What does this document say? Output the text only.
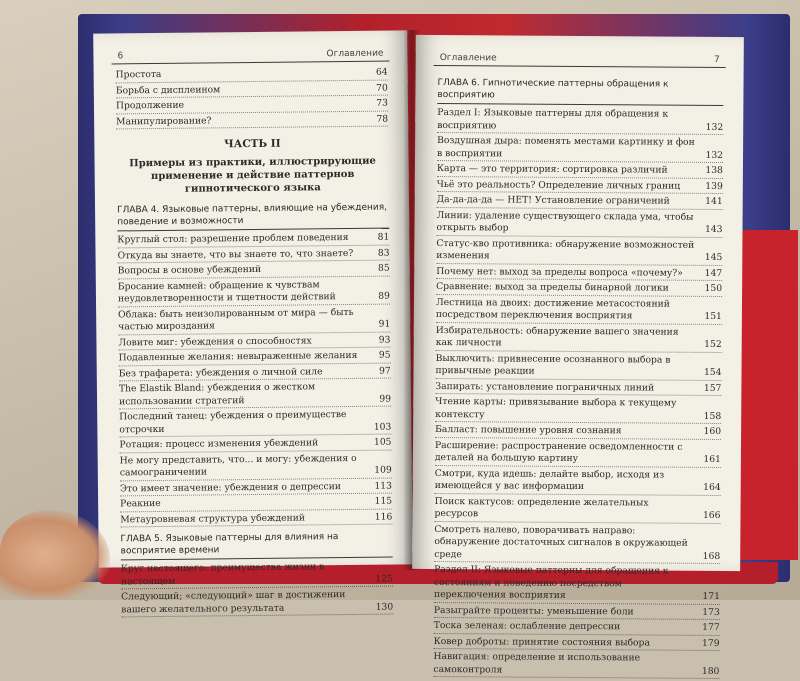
6	Оглавление
Простота	64
Борьба с дисплеином	70
Продолжение	73
Манипулирование?	78
ЧАСТЬ II
Примеры из практики, иллюстрирующие применение и действие паттернов гипнотического языка
ГЛАВА 4. Языковые паттерны, влияющие на убеждения, поведение и возможности
Круглый стол: разрешение проблем поведения	81
Откуда вы знаете, что вы знаете то, что знаете?	83
Вопросы в основе убеждений	85
Бросание камней: обращение к чувствам неудовлетворенности и тщетности действий	89
Облака: быть неизолированным от мира — быть частью мироздания	91
Ловите миг: убеждения о способностях	93
Подавленные желания: невыраженные желания	95
Без трафарета: убеждения о личной силе	97
The Elastik Bland: убеждения о жестком использовании стратегий	99
Последний танец: убеждения о преимуществе отсрочки	103
Ротация: процесс изменения убеждений	105
Не могу представить, что... и могу: убеждения о самоограничении	109
Это имеет значение: убеждения о депрессии	113
Реакние	115
Метауровневая структура убеждений	116
ГЛАВА 5. Языковые паттерны для влияния на восприятие времени
Круг настоящего: преимущества жизни в настоящем	125
Следующий; «следующий» шаг в достижении вашего желательного результата	130
Оглавление	7
ГЛАВА 6. Гипнотические паттерны обращения к восприятию
Раздел I: Языковые паттерны для обращения к восприятию	132
Воздушная дыра: поменять местами картинку и фон в восприятии	132
Карта — это территория: сортировка различий	138
Чьё это реальность? Определение личных границ	139
Да-да-да-да — НЕТ! Установление ограничений	141
Линии: удаление существующего склада ума, чтобы открыть выбор	143
Статус-кво противника: обнаружение возможностей изменения	145
Почему нет: выход за пределы вопроса «почему?»	147
Сравнение: выход за пределы бинарной логики	150
Лестница на двоих: достижение метасостояний посредством переключения восприятия	151
Избирательность: обнаружение вашего значения как личности	152
Выключить: привнесение осознанного выбора в привычные реакции	154
Запирать: установление пограничных линий	157
Чтение карты: привязывание выбора к текущему контексту	158
Балласт: повышение уровня сознания	160
Расширение: распространение осведомленности с деталей на большую картину	161
Смотри, куда идешь: делайте выбор, исходя из имеющейся у вас информации	164
Поиск кактусов: определение желательных ресурсов	166
Смотреть налево, поворачивать направо: обнаружение достаточных сигналов в окружающей среде	168
Раздел II: Языковые паттерны для обращения к состояниям и поведению посредством переключения восприятия	171
Разыграйте проценты: уменьшение боли	173
Тоска зеленая: ослабление депрессии	177
Ковер доброты: принятие состояния выбора	179
Навигация: определение и использование самоконтроля	180
